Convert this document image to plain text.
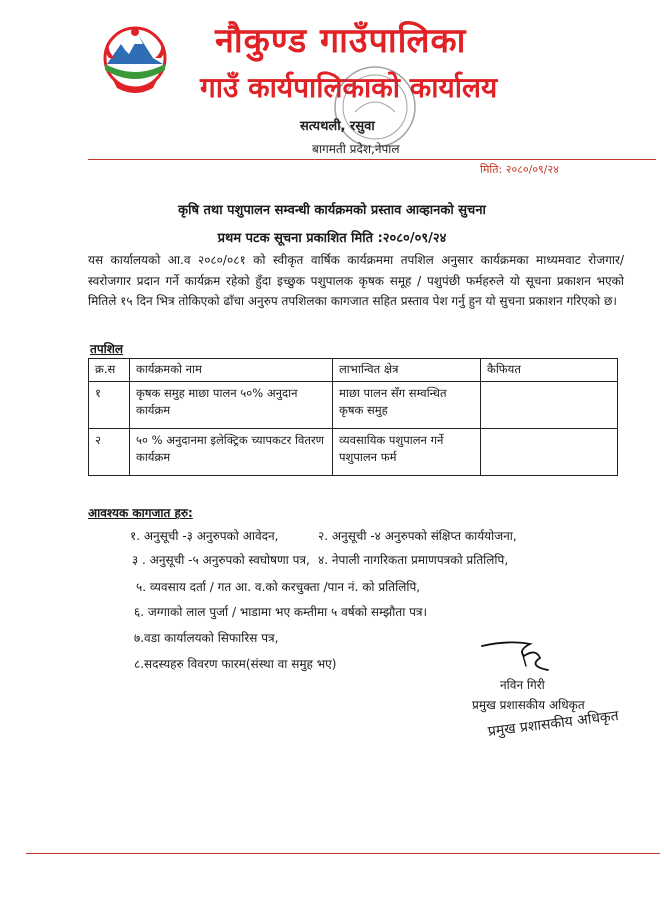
नौकुण्ड गाउँपालिका
गाउँ कार्यपालिकाको कार्यालय
सत्यथली, रसुवा
बागमती प्रदेश,नेपाल
मिति: २०८०/०९/२४
कृषि तथा पशुपालन सम्वन्धी कार्यक्रमको प्रस्ताव आव्हानको सुचना
प्रथम पटक सूचना प्रकाशित मिति :२०८०/०९/२४
यस कार्यालयको आ.व २०८०/०८१ को स्वीकृत वार्षिक कार्यक्रममा तपशिल अनुसार कार्यक्रमका माध्यमवाट रोजगार/ स्वरोजगार प्रदान गर्ने कार्यक्रम रहेको हुँदा इच्छुक पशुपालक कृषक समूह / पशुपंछी फर्महरुले यो सूचना प्रकाशन भएको मितिले १५ दिन भित्र तोकिएको ढाँचा अनुरुप तपशिलका कागजात सहित प्रस्ताव पेश गर्नु हुन यो सुचना प्रकाशन गरिएको छ।
तपशिल
क्र.स	कार्यक्रमको नाम	लाभान्वित क्षेत्र	कैफियत
१	कृषक समुह माछा पालन ५०% अनुदान कार्यक्रम	माछा पालन सँग सम्वन्धित कृषक समुह	
२	५० % अनुदानमा इलेक्ट्रिक च्यापकटर वितरण कार्यक्रम	व्यवसायिक पशुपालन गर्ने पशुपालन फर्म	
आवश्यक कागजात हरु:
१. अनुसूची -३ अनुरुपको आवेदन,	२. अनुसूची -४ अनुरुपको संक्षिप्त कार्ययोजना,
३ . अनुसूची -५ अनुरुपको स्वघोषणा पत्र, ४. नेपाली नागरिकता प्रमाणपत्रको प्रतिलिपि,
५. व्यवसाय दर्ता / गत आ. व.को करचुक्ता /पान नं. को प्रतिलिपि,
६. जग्गाको लाल पुर्जा / भाडामा भए कम्तीमा ५ वर्षको सम्झौता पत्र।
७.वडा कार्यालयको सिफारिस पत्र,
८.सदस्यहरु विवरण फारम(संस्था वा समुह भए)
नविन गिरी
प्रमुख प्रशासकीय अधिकृत
प्रमुख प्रशासकीय अधिकृत
